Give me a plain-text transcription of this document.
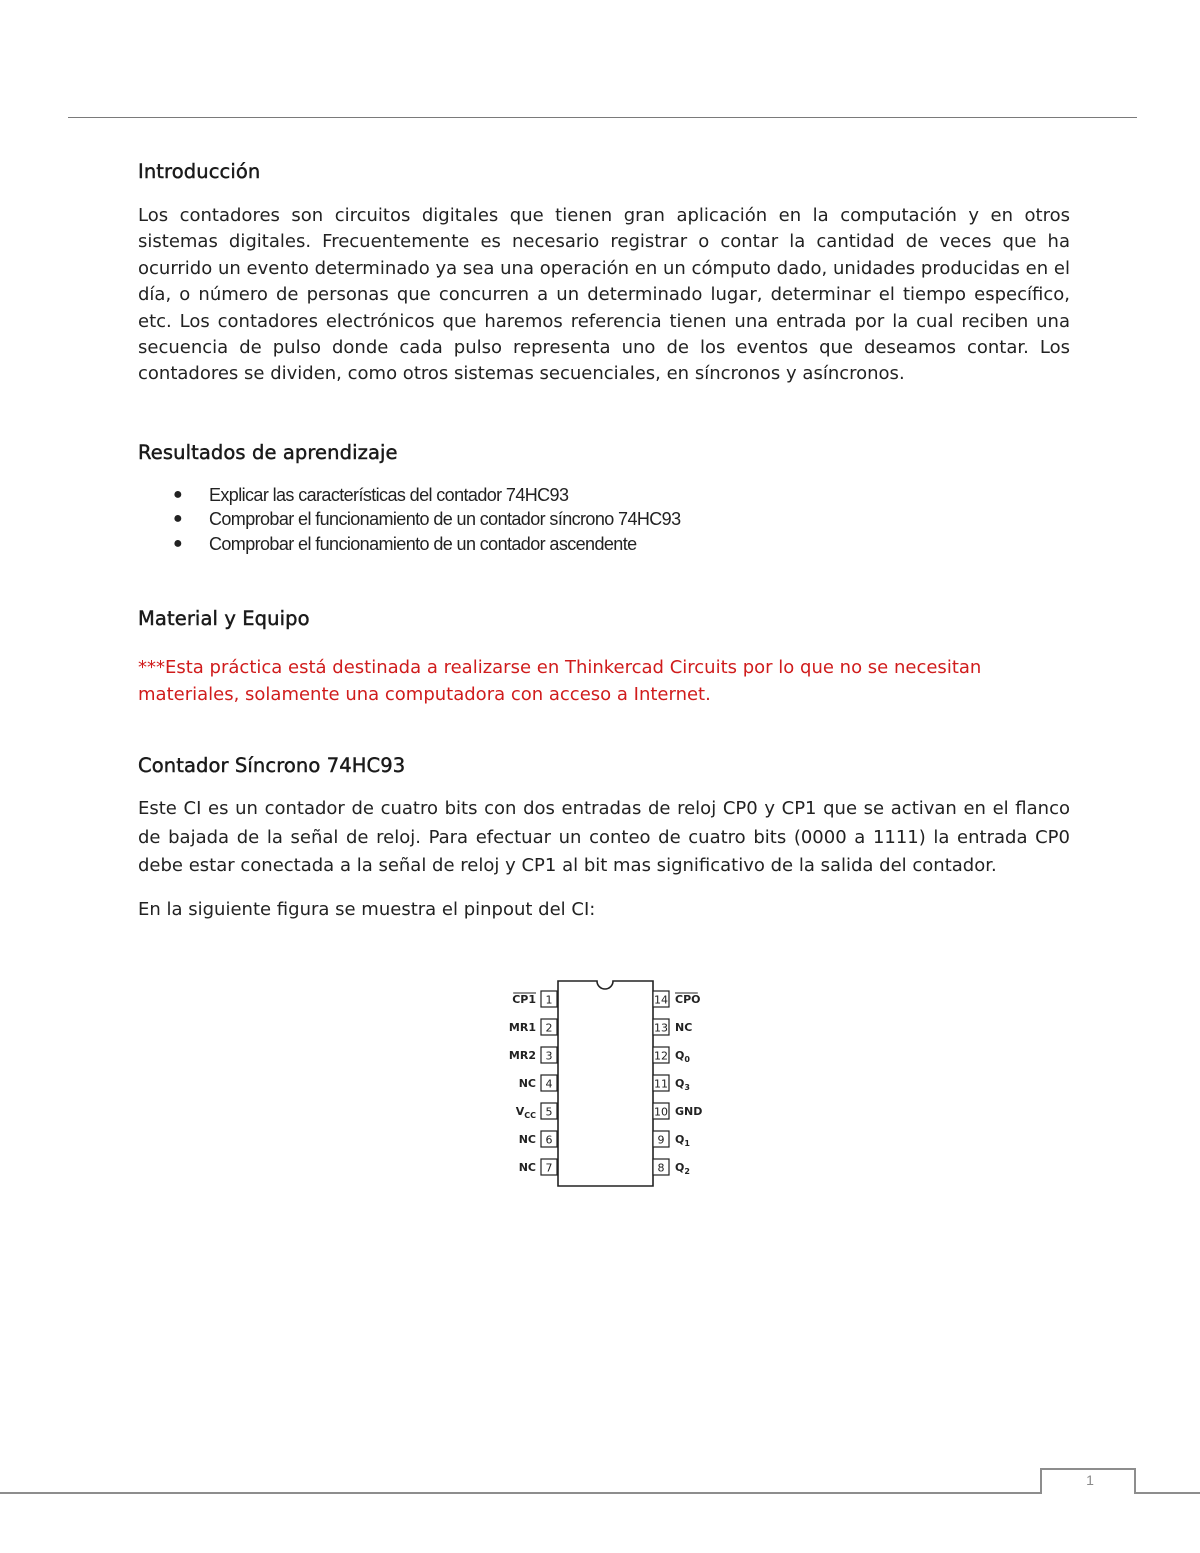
Introducción

Los contadores son circuitos digitales que tienen gran aplicación en la computación y en otros sistemas digitales. Frecuentemente es necesario registrar o contar la cantidad de veces que ha ocurrido un evento determinado ya sea una operación en un cómputo dado, unidades producidas en el día, o número de personas que concurren a un determinado lugar, determinar el tiempo específico, etc. Los contadores electrónicos que haremos referencia tienen una entrada por la cual reciben una secuencia de pulso donde cada pulso representa uno de los eventos que deseamos contar. Los contadores se dividen, como otros sistemas secuenciales, en síncronos y asíncronos.

Resultados de aprendizaje
● Explicar las características del contador 74HC93
● Comprobar el funcionamiento de un contador síncrono 74HC93
● Comprobar el funcionamiento de un contador ascendente
Material y Equipo

***Esta práctica está destinada a realizarse en Thinkercad Circuits por lo que no se necesitan materiales, solamente una computadora con acceso a Internet.

Contador Síncrono 74HC93

Este CI es un contador de cuatro bits con dos entradas de reloj CP0 y CP1 que se activan en el flanco de bajada de la señal de reloj. Para efectuar un conteo de cuatro bits (0000 a 1111) la entrada CP0 debe estar conectada a la señal de reloj y CP1 al bit mas significativo de la salida del contador.

En la siguiente figura se muestra el pinpout del CI:

1
CP1
2
MR1
3
MR2
4
NC
5
$V_{CC}$
6
NC
7
NC
14 CPO
13 NC
12 $Q_0$
11 $Q_3$
10 GND
9 $Q_1$
8 $Q_2$
1
